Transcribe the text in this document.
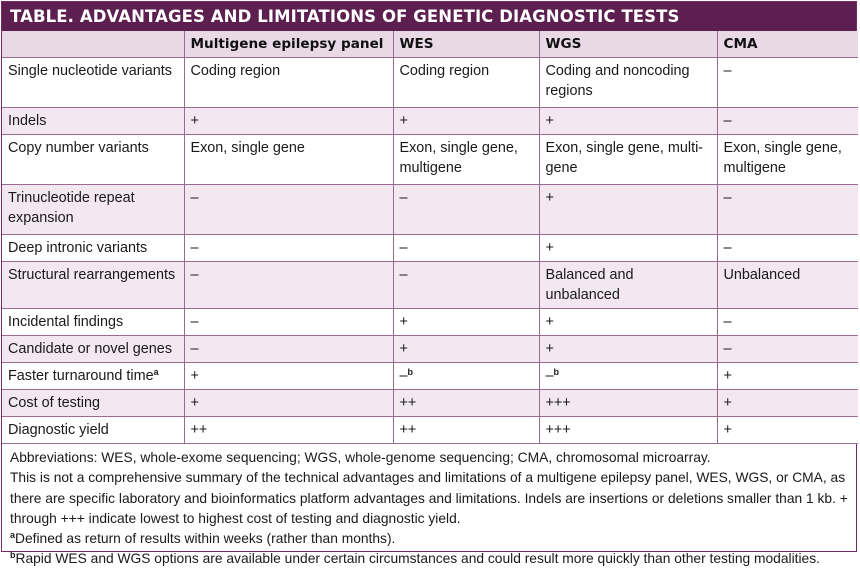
TABLE. ADVANTAGES AND LIMITATIONS OF GENETIC DIAGNOSTIC TESTS
	Multigene epilepsy panel	WES	WGS	CMA
Single nucleotide variants	Coding region	Coding region	Coding and noncoding regions	–
Indels	+	+	+	–
Copy number variants	Exon, single gene	Exon, single gene, multigene	Exon, single gene, multi-gene	Exon, single gene, multigene
Trinucleotide repeat expansion	–	–	+	–
Deep intronic variants	–	–	+	–
Structural rearrangements	–	–	Balanced and unbalanced	Unbalanced
Incidental findings	–	+	+	–
Candidate or novel genes	–	+	+	–
Faster turnaround time$^a$	+	–$^b$	–$^b$	+
Cost of testing	+	++	+++	+
Diagnostic yield	++	++	+++	+

Abbreviations: WES, whole-exome sequencing; WGS, whole-genome sequencing; CMA, chromosomal microarray.

This is not a comprehensive summary of the technical advantages and limitations of a multigene epilepsy panel, WES, WGS, or CMA, as there are specific laboratory and bioinformatics platform advantages and limitations. Indels are insertions or deletions smaller than 1 kb. + through +++ indicate lowest to highest cost of testing and diagnostic yield.

$^a$Defined as return of results within weeks (rather than months).

$^b$Rapid WES and WGS options are available under certain circumstances and could result more quickly than other testing modalities.
